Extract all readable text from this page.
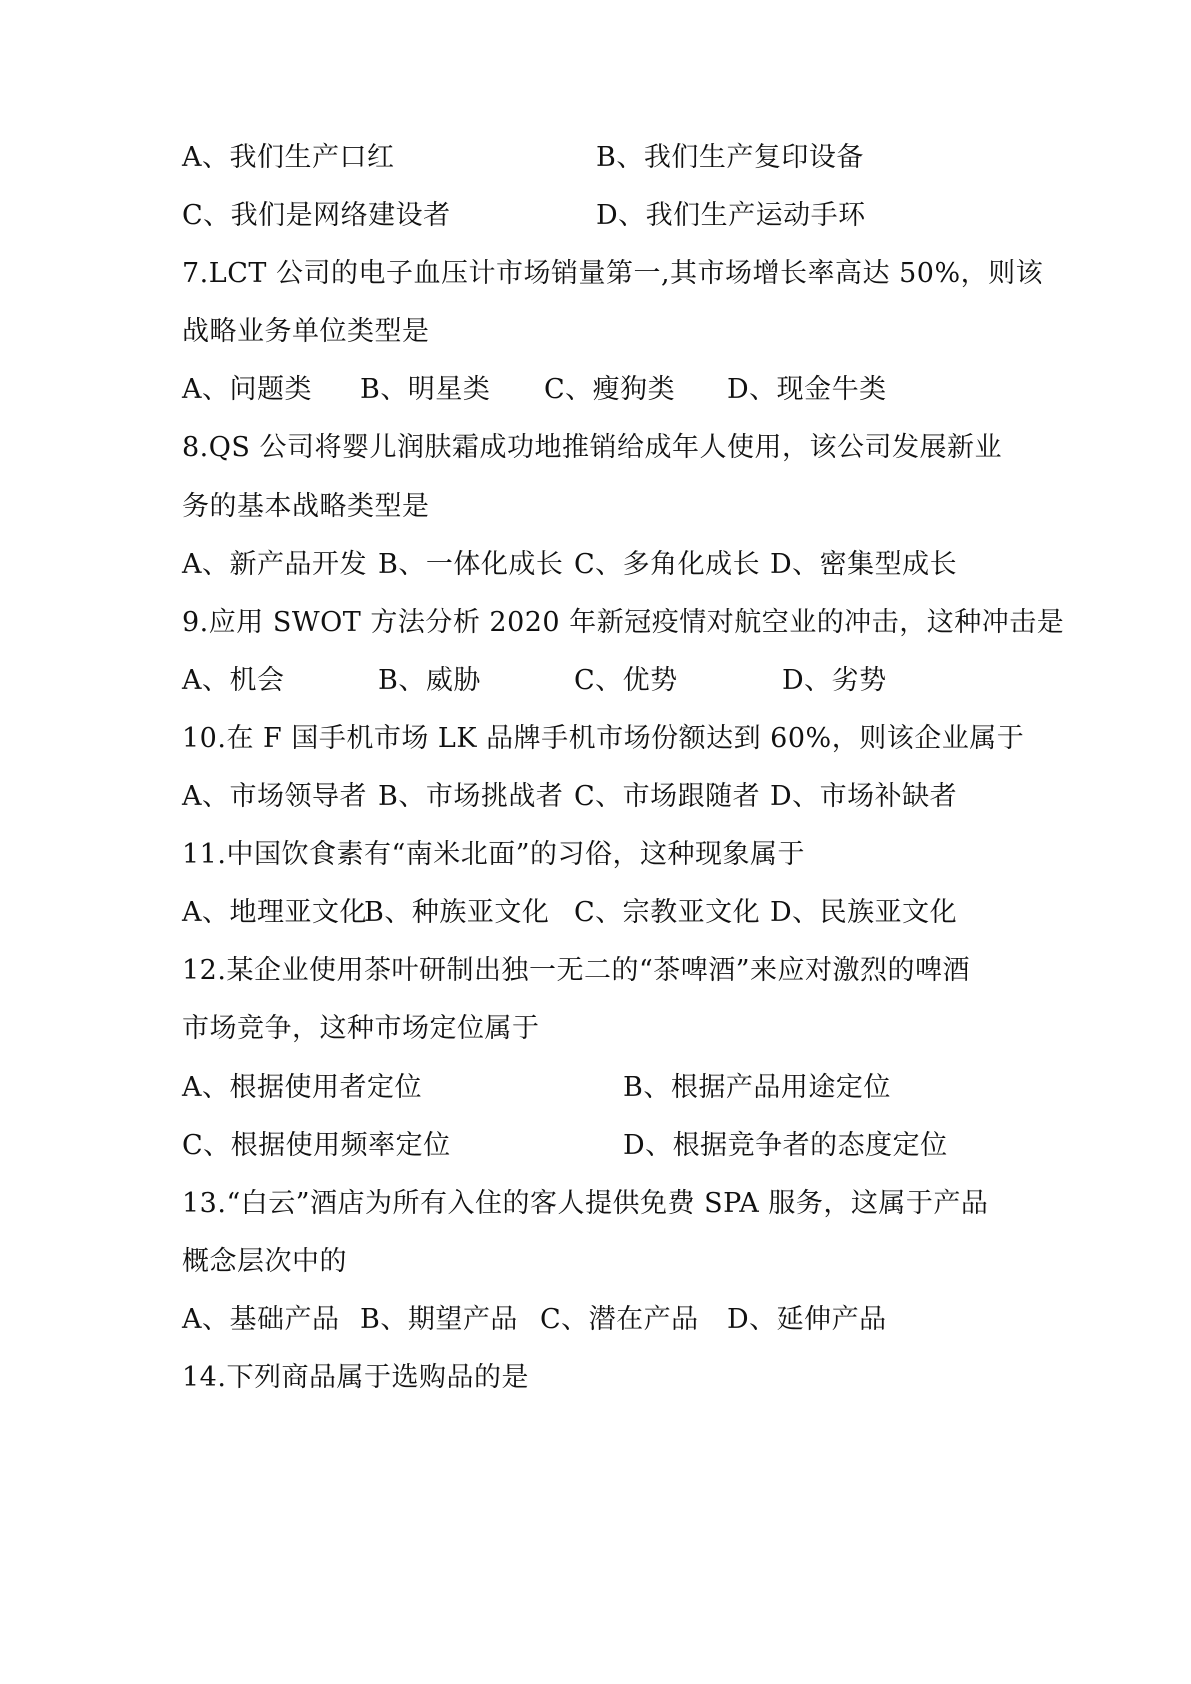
A、我们生产口红	B、我们生产复印设备
C、我们是网络建设者	D、我们生产运动手环
7.LCT 公司的电子血压计市场销量第一,其市场增长率高达 50%，则该
战略业务单位类型是
A、问题类 B、明星类 C、瘦狗类 D、现金牛类
8.QS 公司将婴儿润肤霜成功地推销给成年人使用，该公司发展新业
务的基本战略类型是
A、新产品开发 B、一体化成长 C、多角化成长 D、密集型成长
9.应用 SWOT 方法分析 2020 年新冠疫情对航空业的冲击，这种冲击是
A、机会	B、威胁	C、优势	D、劣势
10.在 F 国手机市场 LK 品牌手机市场份额达到 60%，则该企业属于
A、市场领导者 B、市场挑战者 C、市场跟随者 D、市场补缺者
11.中国饮食素有“南米北面”的习俗，这种现象属于
A、地理亚文化
B、种族亚文化 C、宗教亚文化 D、民族亚文化
12.某企业使用茶叶研制出独一无二的“茶啤酒”来应对激烈的啤酒
市场竞争，这种市场定位属于
A、根据使用者定位	B、根据产品用途定位
C、根据使用频率定位	D、根据竞争者的态度定位
13.“白云”酒店为所有入住的客人提供免费 SPA 服务，这属于产品
概念层次中的
A、基础产品 B、期望产品 C、潜在产品 D、延伸产品
14.下列商品属于选购品的是
